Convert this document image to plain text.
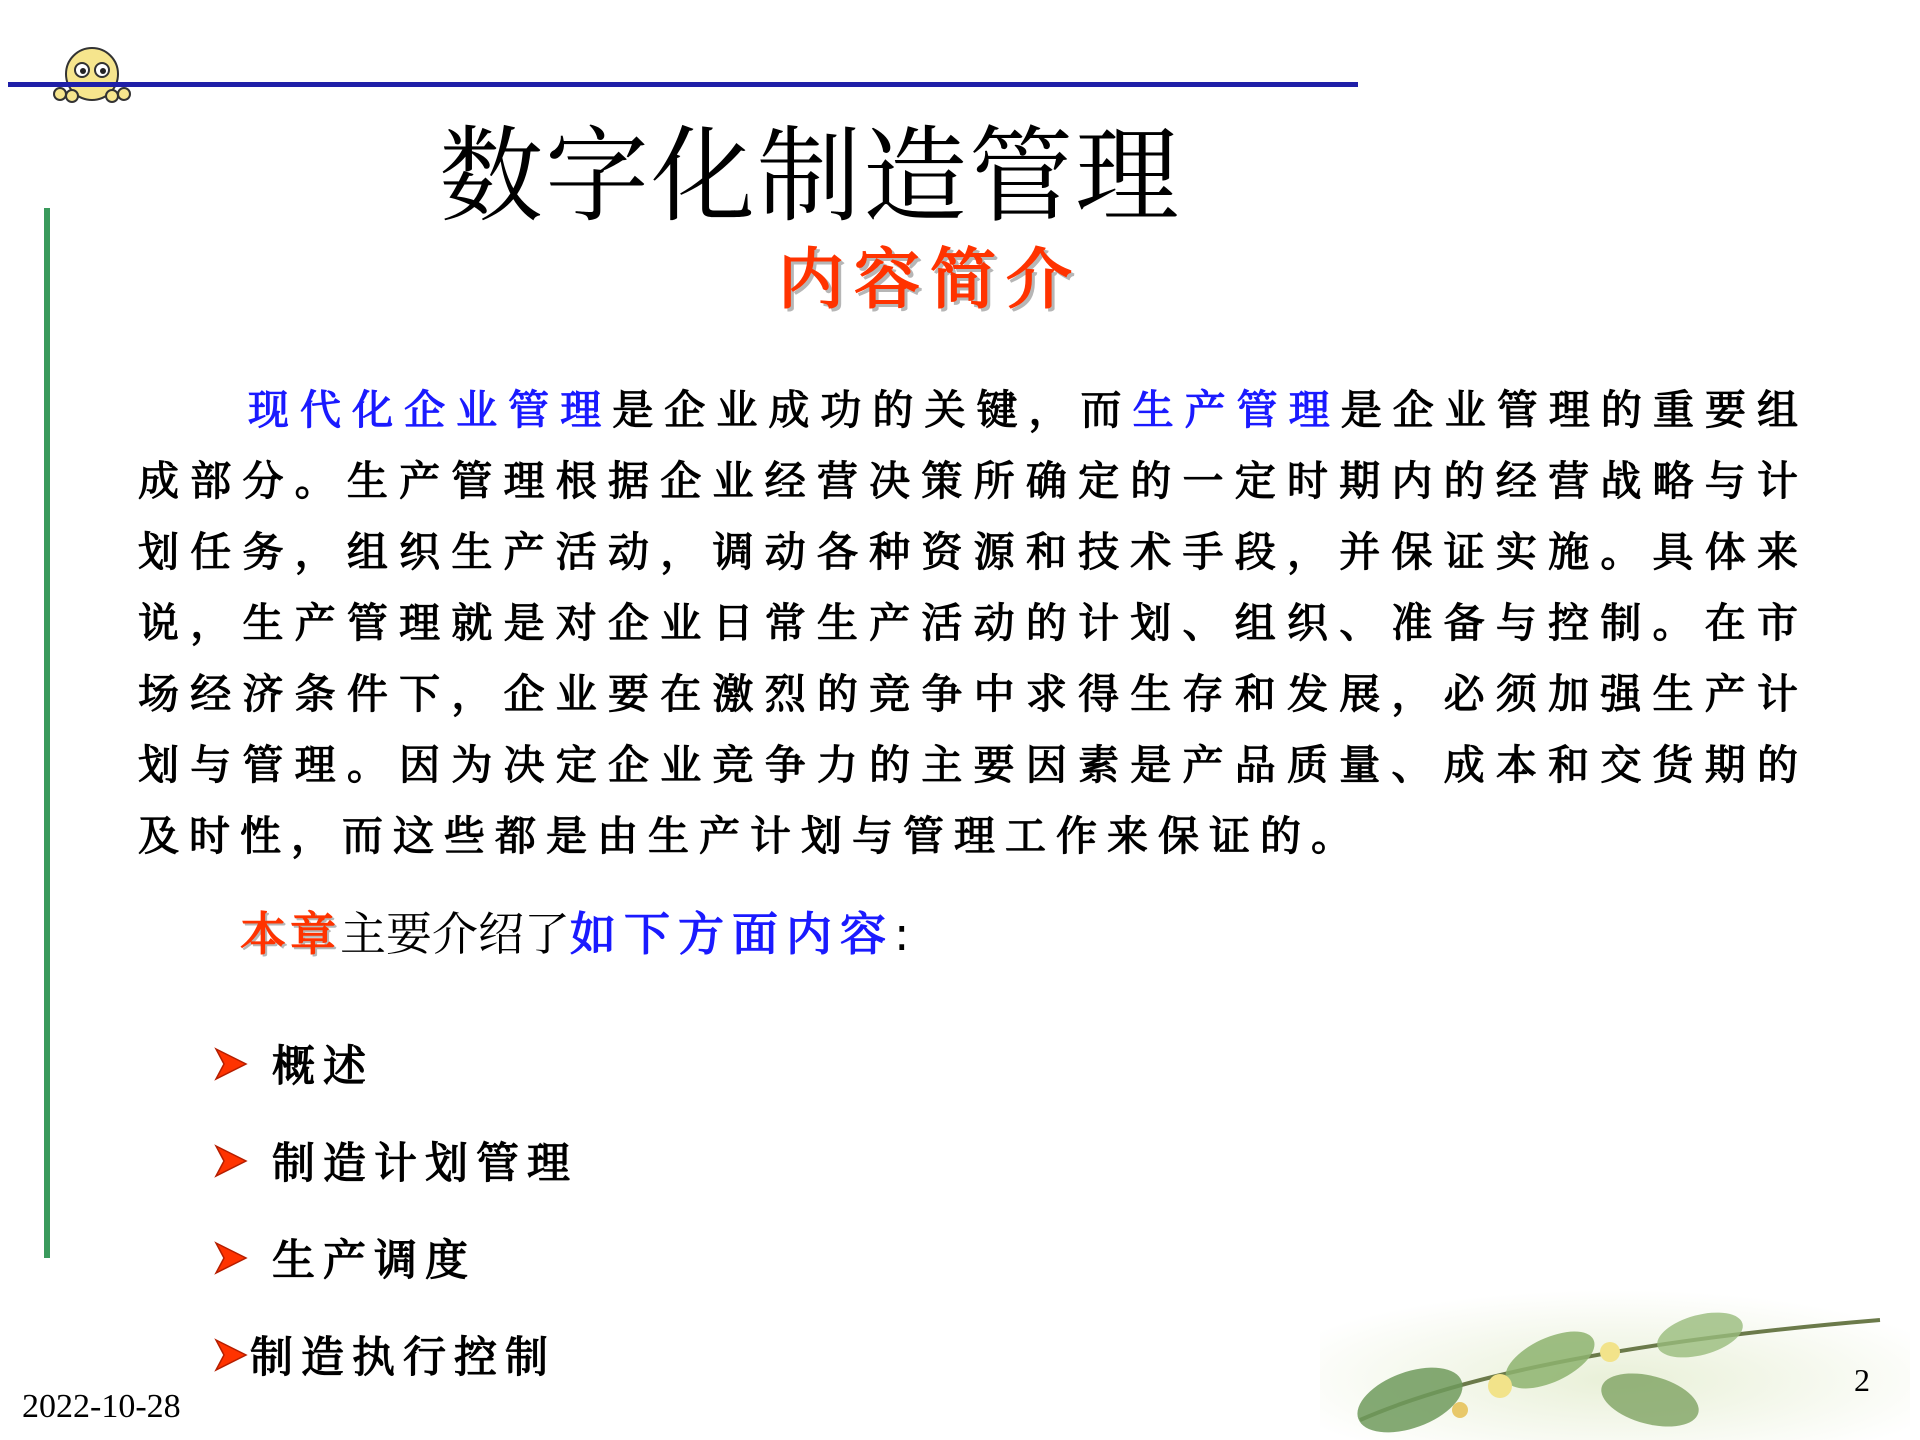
数字化制造管理
内容简介

现代化企业管理是企业成功的关键，而生产管理是企业管理的重要组成部分。生产管理根据企业经营决策所确定的一定时期内的经营战略与计划任务，组织生产活动，调动各种资源和技术手段，并保证实施。具体来说，生产管理就是对企业日常生产活动的计划、组织、准备与控制。在市场经济条件下，企业要在激烈的竞争中求得生存和发展，必须加强生产计划与管理。因为决定企业竞争力的主要因素是产品质量、成本和交货期的及时性，而这些都是由生产计划与管理工作来保证的。

本章主要介绍了如下方面内容:
概述
制造计划管理
生产调度
制造执行控制
2022-10-28
2
